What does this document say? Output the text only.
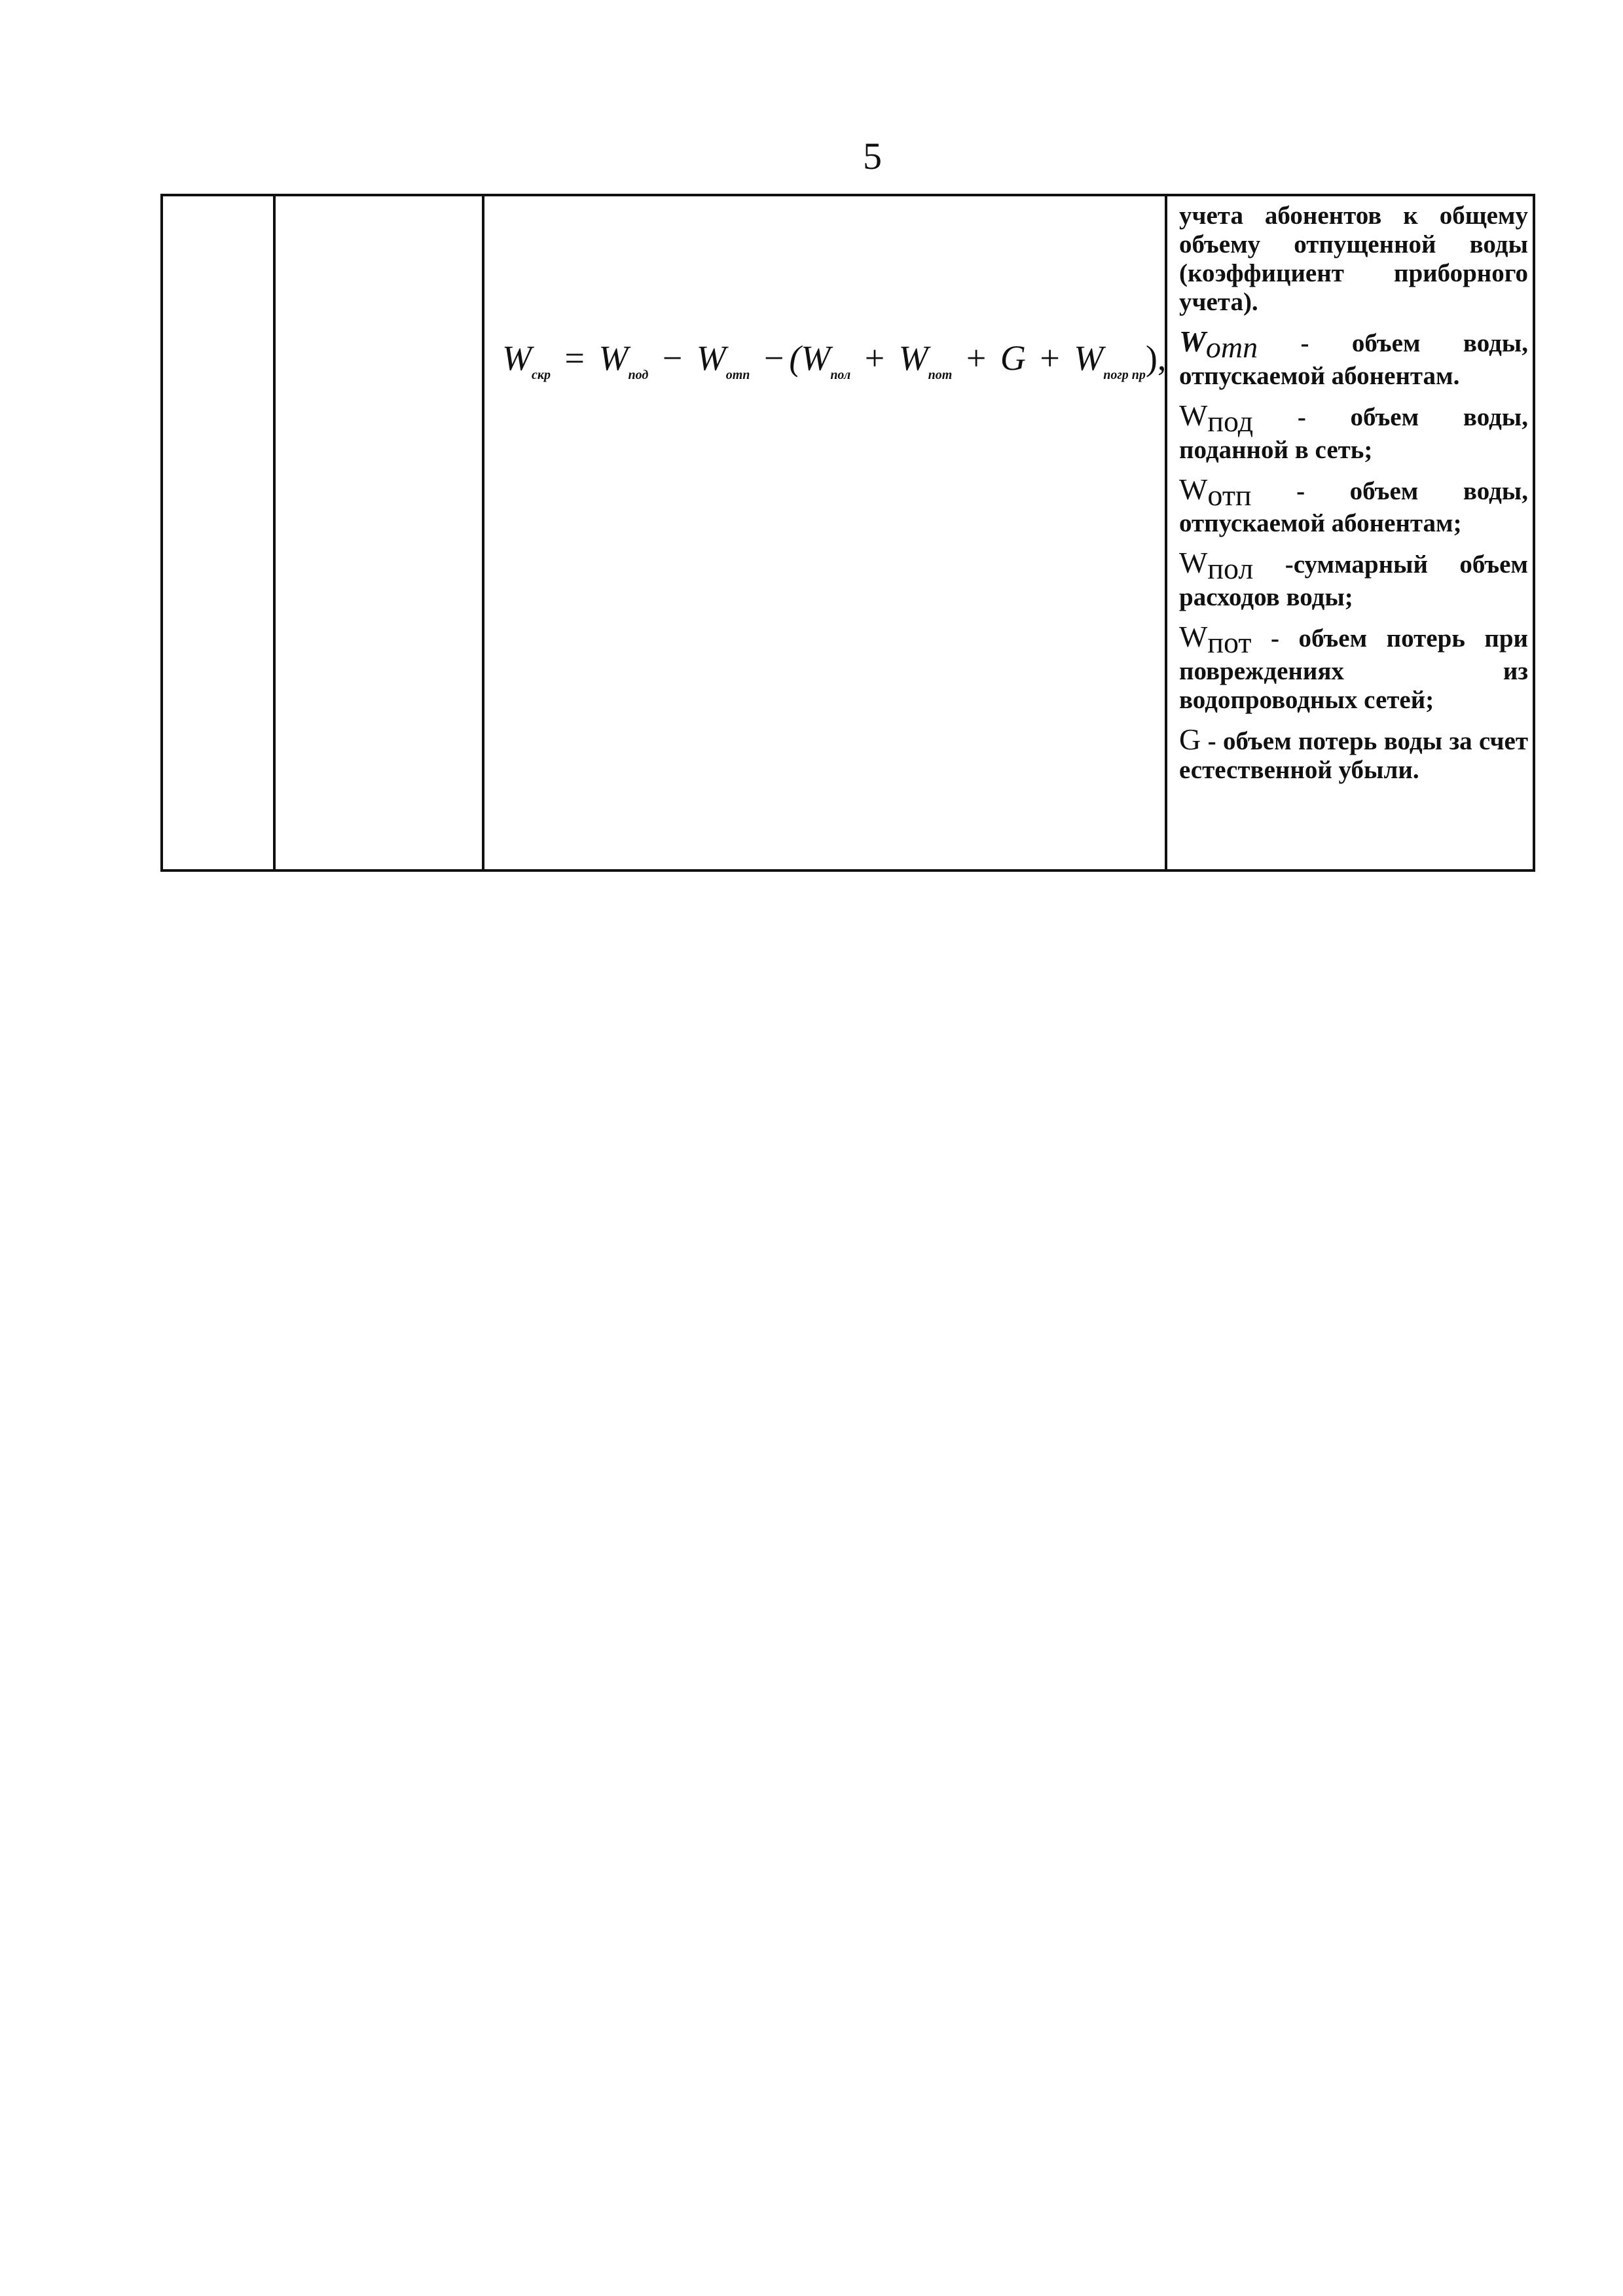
5
$W_{скр} = W_{под} - W_{отп} - (W_{пол} + W_{пот} + G + W_{погр пр})$,

учета абонентов к общему объему отпущенной воды (коэффициент приборного учета).

$W_{отп}$ - объем воды, отпускаемой абонентам.

$W_{под}$ - объем воды, поданной в сеть;

$W_{отп}$ - объем воды, отпускаемой абонентам;

$W_{пол}$ -суммарный объем расходов воды;

$W_{пот}$ - объем потерь при повреждениях из водопроводных сетей;

G - объем потерь воды за счет естественной убыли.
